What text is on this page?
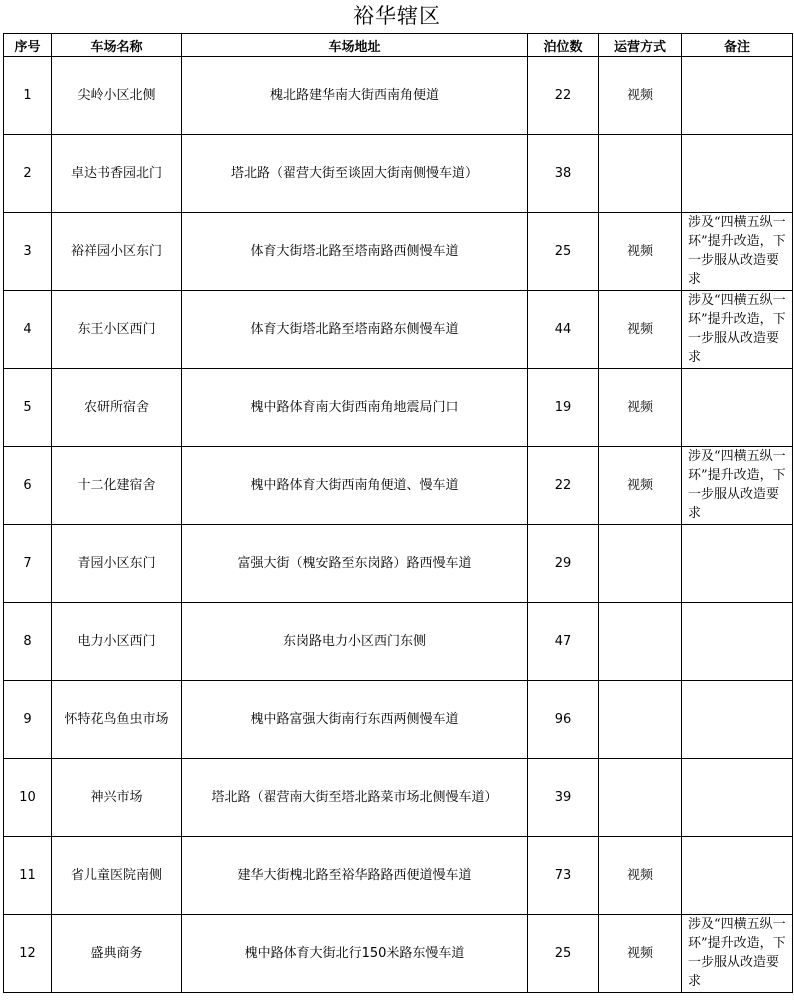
裕华辖区
序号	车场名称	车场地址	泊位数	运营方式	备注
1	尖岭小区北侧	槐北路建华南大街西南角便道	22	视频	
2	卓达书香园北门	塔北路（翟营大街至谈固大街南侧慢车道）	38		
3	裕祥园小区东门	体育大街塔北路至塔南路西侧慢车道	25	视频	涉及“四横五纵一环”提升改造，下一步服从改造要求
4	东王小区西门	体育大街塔北路至塔南路东侧慢车道	44	视频	涉及“四横五纵一环”提升改造，下一步服从改造要求
5	农研所宿舍	槐中路体育南大街西南角地震局门口	19	视频	
6	十二化建宿舍	槐中路体育大街西南角便道、慢车道	22	视频	涉及“四横五纵一环”提升改造，下一步服从改造要求
7	青园小区东门	富强大街（槐安路至东岗路）路西慢车道	29		
8	电力小区西门	东岗路电力小区西门东侧	47		
9	怀特花鸟鱼虫市场	槐中路富强大街南行东西两侧慢车道	96		
10	神兴市场	塔北路（翟营南大街至塔北路菜市场北侧慢车道）	39		
11	省儿童医院南侧	建华大街槐北路至裕华路路西便道慢车道	73	视频	
12	盛典商务	槐中路体育大街北行150米路东慢车道	25	视频	涉及“四横五纵一环”提升改造，下一步服从改造要求
